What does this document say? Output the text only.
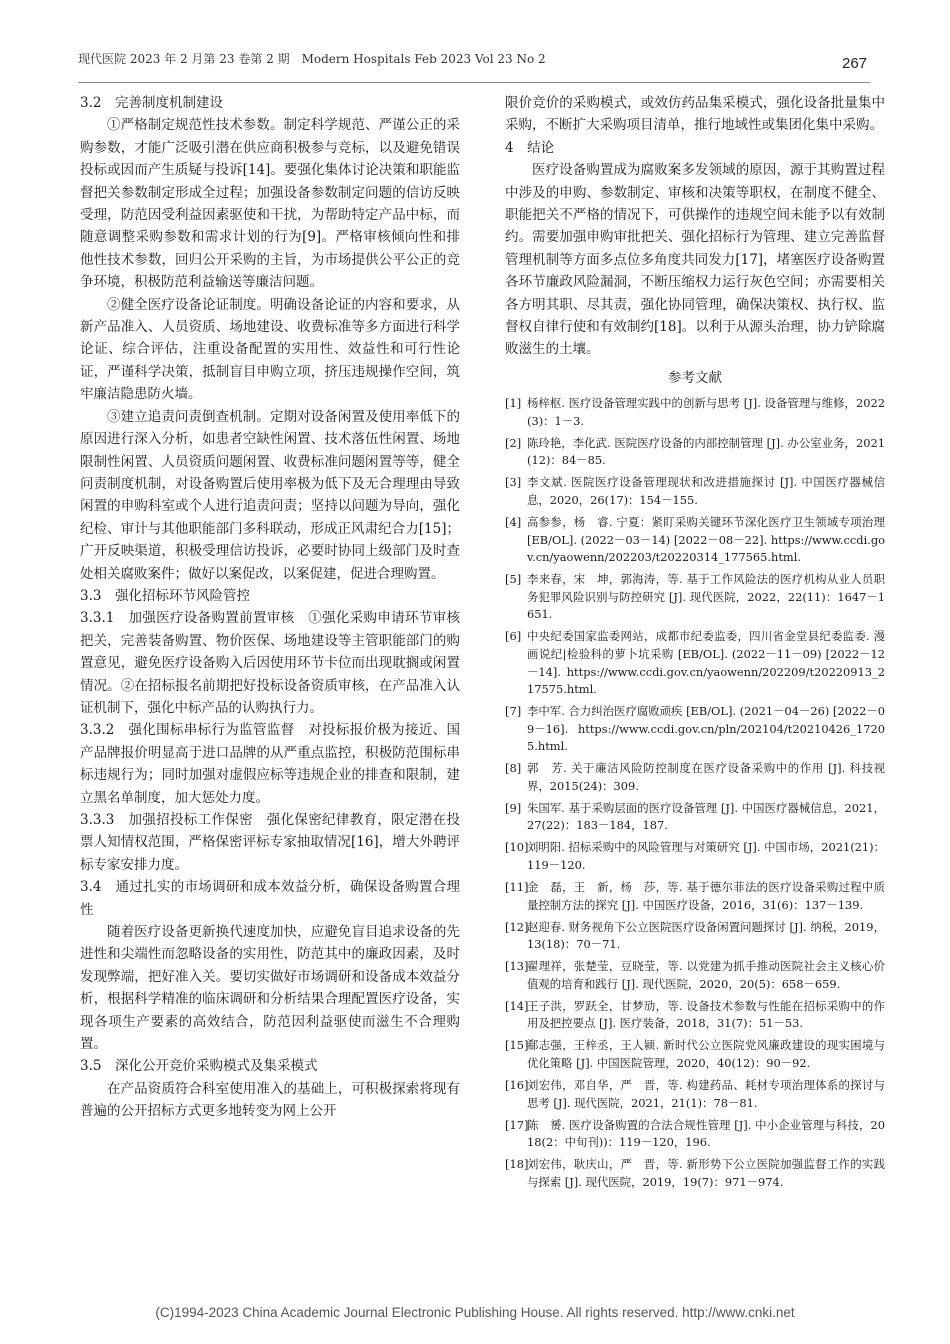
现代医院 2023 年 2 月第 23 卷第 2 期　Modern Hospitals Feb 2023 Vol 23 No 2	267

3.2　完善制度机制建设

①严格制定规范性技术参数。制定科学规范、严谨公正的采购参数，才能广泛吸引潜在供应商积极参与竞标，以及避免错误投标或因而产生质疑与投诉[14]。要强化集体讨论决策和职能监督把关参数制定形成全过程；加强设备参数制定问题的信访反映受理，防范因受利益因素驱使和干扰，为帮助特定产品中标，而随意调整采购参数和需求计划的行为[9]。严格审核倾向性和排他性技术参数，回归公开采购的主旨，为市场提供公平公正的竞争环境，积极防范利益输送等廉洁问题。

②健全医疗设备论证制度。明确设备论证的内容和要求，从新产品准入、人员资质、场地建设、收费标准等多方面进行科学论证、综合评估，注重设备配置的实用性、效益性和可行性论证，严谨科学决策，抵制盲目申购立项，挤压违规操作空间，筑牢廉洁隐患防火墙。

③建立追责问责倒查机制。定期对设备闲置及使用率低下的原因进行深入分析，如患者空缺性闲置、技术落伍性闲置、场地限制性闲置、人员资质问题闲置、收费标准问题闲置等等，健全问责制度机制，对设备购置后使用率极为低下及无合理理由导致闲置的申购科室或个人进行追责问责；坚持以问题为导向，强化纪检、审计与其他职能部门多科联动，形成正风肃纪合力[15]；广开反映渠道，积极受理信访投诉，必要时协同上级部门及时查处相关腐败案件；做好以案促改，以案促建，促进合理购置。

3.3　强化招标环节风险管控

3.3.1　加强医疗设备购置前置审核　①强化采购申请环节审核把关，完善装备购置、物价医保、场地建设等主管职能部门的购置意见，避免医疗设备购入后因使用环节卡位而出现耽搁或闲置情况。②在招标报名前期把好投标设备资质审核，在产品准入认证机制下，强化中标产品的认购执行力。

3.3.2　强化围标串标行为监管监督　对投标报价极为接近、国产品牌报价明显高于进口品牌的从严重点监控，积极防范围标串标违规行为；同时加强对虚假应标等违规企业的排查和限制，建立黑名单制度，加大惩处力度。

3.3.3　加强招投标工作保密　强化保密纪律教育，限定潜在投票人知情权范围，严格保密评标专家抽取情况[16]，增大外聘评标专家安排力度。

3.4　通过扎实的市场调研和成本效益分析，确保设备购置合理性

随着医疗设备更新换代速度加快，应避免盲目追求设备的先进性和尖端性而忽略设备的实用性，防范其中的廉政因素，及时发现弊端，把好准入关。要切实做好市场调研和设备成本效益分析，根据科学精准的临床调研和分析结果合理配置医疗设备，实现各项生产要素的高效结合，防范因利益驱使而滋生不合理购置。

3.5　深化公开竞价采购模式及集采模式

在产品资质符合科室使用准入的基础上，可积极探索将现有普遍的公开招标方式更多地转变为网上公开

限价竞价的采购模式，或效仿药品集采模式，强化设备批量集中采购，不断扩大采购项目清单，推行地域性或集团化集中采购。

4　结论

医疗设备购置成为腐败案多发领域的原因，源于其购置过程中涉及的申购、参数制定、审核和决策等职权，在制度不健全、职能把关不严格的情况下，可供操作的违规空间未能予以有效制约。需要加强申购审批把关、强化招标行为管理、建立完善监督管理机制等方面多点位多角度共同发力[17]，堵塞医疗设备购置各环节廉政风险漏洞，不断压缩权力运行灰色空间；亦需要相关各方明其职、尽其责，强化协同管理，确保决策权、执行权、监督权自律行使和有效制约[18]。以利于从源头治理，协力铲除腐败滋生的土壤。

参考文献
[1] 杨梓枢. 医疗设备管理实践中的创新与思考 [J]. 设备管理与维修，2022(3)：1－3.
[2] 陈玲艳，李化武. 医院医疗设备的内部控制管理 [J]. 办公室业务，2021(12)：84－85.
[3] 李文斌. 医院医疗设备管理现状和改进措施探讨 [J]. 中国医疗器械信息，2020，26(17)：154－155.
[4] 高参参，杨　睿. 宁夏：紧盯采购关键环节深化医疗卫生领域专项治理 [EB/OL]. (2022－03－14) [2022－08－22]. https://www.ccdi.gov.cn/yaowenn/202203/t20220314_177565.html.
[5] 李来春，宋　坤，郭海涛，等. 基于工作风险法的医疗机构从业人员职务犯罪风险识别与防控研究 [J]. 现代医院，2022，22(11)：1647－1651.
[6] 中央纪委国家监委网站，成都市纪委监委，四川省金堂县纪委监委. 漫画说纪|检验科的萝卜坑采购 [EB/OL]. (2022－11－09) [2022－12－14]. https://www.ccdi.gov.cn/yaowenn/202209/t20220913_217575.html.
[7] 李中军. 合力纠治医疗腐败顽疾 [EB/OL]. (2021－04－26) [2022－09－16]. https://www.ccdi.gov.cn/pln/202104/t20210426_17205.html.
[8] 郭　芳. 关于廉洁风险防控制度在医疗设备采购中的作用 [J]. 科技视界，2015(24)：309.
[9] 朱国军. 基于采购层面的医疗设备管理 [J]. 中国医疗器械信息，2021，27(22)：183－184，187.
[10]
刘明阳. 招标采购中的风险管理与对策研究 [J]. 中国市场，2021(21)：119－120.
[11]
金　磊，王　新，杨　莎，等. 基于德尔菲法的医疗设备采购过程中质量控制方法的探究 [J]. 中国医疗设备，2016，31(6)：137－139.
[12]
赵迎春. 财务视角下公立医院医疗设备闲置问题探讨 [J]. 纳税，2019，13(18)：70－71.
[13]
翟理祥，张楚莹，豆晓莹，等. 以党建为抓手推动医院社会主义核心价值观的培育和践行 [J]. 现代医院，2020，20(5)：658－659.
[14]
王子洪，罗跃全，甘梦劢，等. 设备技术参数与性能在招标采购中的作用及把控要点 [J]. 医疗装备，2018，31(7)：51－53.
[15]
郗志强，王梓丞，王人颍. 新时代公立医院党风廉政建设的现实困境与优化策略 [J]. 中国医院管理，2020，40(12)：90－92.
[16]
刘宏伟，邓自华，严　晋，等. 构建药品、耗材专项治理体系的探讨与思考 [J]. 现代医院，2021，21(1)：78－81.
[17]
陈　赟. 医疗设备购置的合法合规性管理 [J]. 中小企业管理与科技，2018(2：中旬刊))：119－120，196.
[18]
刘宏伟，耿庆山，严　晋，等. 新形势下公立医院加强监督工作的实践与探索 [J]. 现代医院，2019，19(7)：971－974.
(C)1994-2023 China Academic Journal Electronic Publishing House. All rights reserved. http://www.cnki.net
